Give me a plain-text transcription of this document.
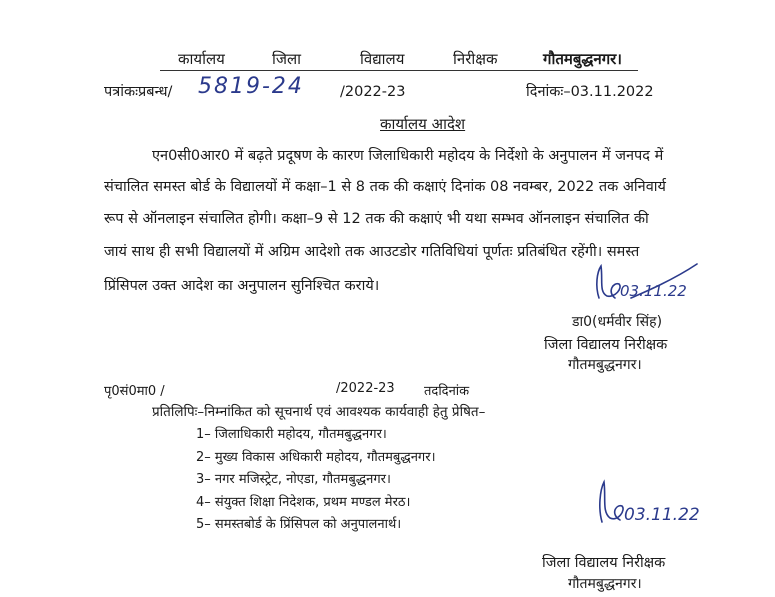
कार्यालय	जिला	विद्यालय	निरीक्षक	गौतमबुद्धनगर।
पत्रांकःप्रबन्ध/ 5819-24 /2022-23	दिनांकः–03.11.2022
कार्यालय आदेश
एन0सी0आर0 में बढ़ते प्रदूषण के कारण जिलाधिकारी महोदय के निर्देशो के अनुपालन में जनपद में
संचालित समस्त बोर्ड के विद्यालयों में कक्षा–1 से 8 तक की कक्षाएं दिनांक 08 नवम्बर, 2022 तक अनिवार्य
रूप से ऑनलाइन संचालित होगी। कक्षा–9 से 12 तक की कक्षाएं भी यथा सम्भव ऑनलाइन संचालित की
जायं साथ ही सभी विद्यालयों में अग्रिम आदेशो तक आउटडोर गतिविधियां पूर्णतः प्रतिबंधित रहेंगी। समस्त
प्रिंसिपल उक्त आदेश का अनुपालन सुनिश्चित कराये।	03.11.22
डा0(धर्मवीर सिंह)
जिला विद्यालय निरीक्षक
गौतमबुद्धनगर।
पृ0सं0मा0 /	/2022-23 तददिनांक
प्रतिलिपिः–निम्नांकित को सूचनार्थ एवं आवश्यक कार्यवाही हेतु प्रेषित–
1– जिलाधिकारी महोदय, गौतमबुद्धनगर।
2– मुख्य विकास अधिकारी महोदय, गौतमबुद्धनगर।
3– नगर मजिस्ट्रेट, नोएडा, गौतमबुद्धनगर।
4– संयुक्त शिक्षा निदेशक, प्रथम मण्डल मेरठ।
5– समस्तबोर्ड के प्रिंसिपल को अनुपालनार्थ।	03.11.22
जिला विद्यालय निरीक्षक
गौतमबुद्धनगर।
